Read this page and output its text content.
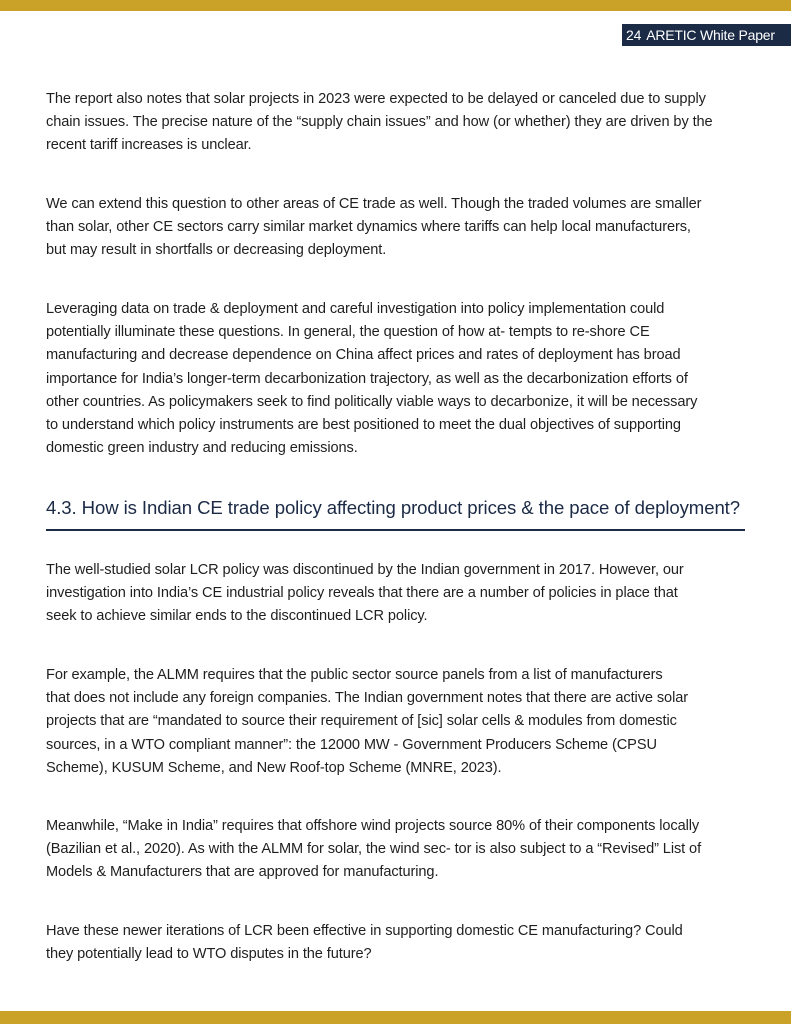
24 ARETIC White Paper

The report also notes that solar projects in 2023 were expected to be delayed or canceled due to supply
chain issues. The precise nature of the “supply chain issues” and how (or whether) they are driven by the
recent tariff increases is unclear.

We can extend this question to other areas of CE trade as well. Though the traded volumes are smaller
than solar, other CE sectors carry similar market dynamics where tariffs can help local manufacturers,
but may result in shortfalls or decreasing deployment.

Leveraging data on trade & deployment and careful investigation into policy implementation could
potentially illuminate these questions. In general, the question of how at- tempts to re-shore CE
manufacturing and decrease dependence on China affect prices and rates of deployment has broad
importance for India’s longer-term decarbonization trajectory, as well as the decarbonization efforts of
other countries. As policymakers seek to find politically viable ways to decarbonize, it will be necessary
to understand which policy instruments are best positioned to meet the dual objectives of supporting
domestic green industry and reducing emissions.

4.3. How is Indian CE trade policy affecting product prices & the pace of deployment?

The well-studied solar LCR policy was discontinued by the Indian government in 2017. However, our
investigation into India’s CE industrial policy reveals that there are a number of policies in place that
seek to achieve similar ends to the discontinued LCR policy.

For example, the ALMM requires that the public sector source panels from a list of manufacturers
that does not include any foreign companies. The Indian government notes that there are active solar
projects that are “mandated to source their requirement of [sic] solar cells & modules from domestic
sources, in a WTO compliant manner”: the 12000 MW - Government Producers Scheme (CPSU
Scheme), KUSUM Scheme, and New Roof-top Scheme (MNRE, 2023).

Meanwhile, “Make in India” requires that offshore wind projects source 80% of their components locally
(Bazilian et al., 2020). As with the ALMM for solar, the wind sec- tor is also subject to a “Revised” List of
Models & Manufacturers that are approved for manufacturing.

Have these newer iterations of LCR been effective in supporting domestic CE manufacturing? Could
they potentially lead to WTO disputes in the future?
